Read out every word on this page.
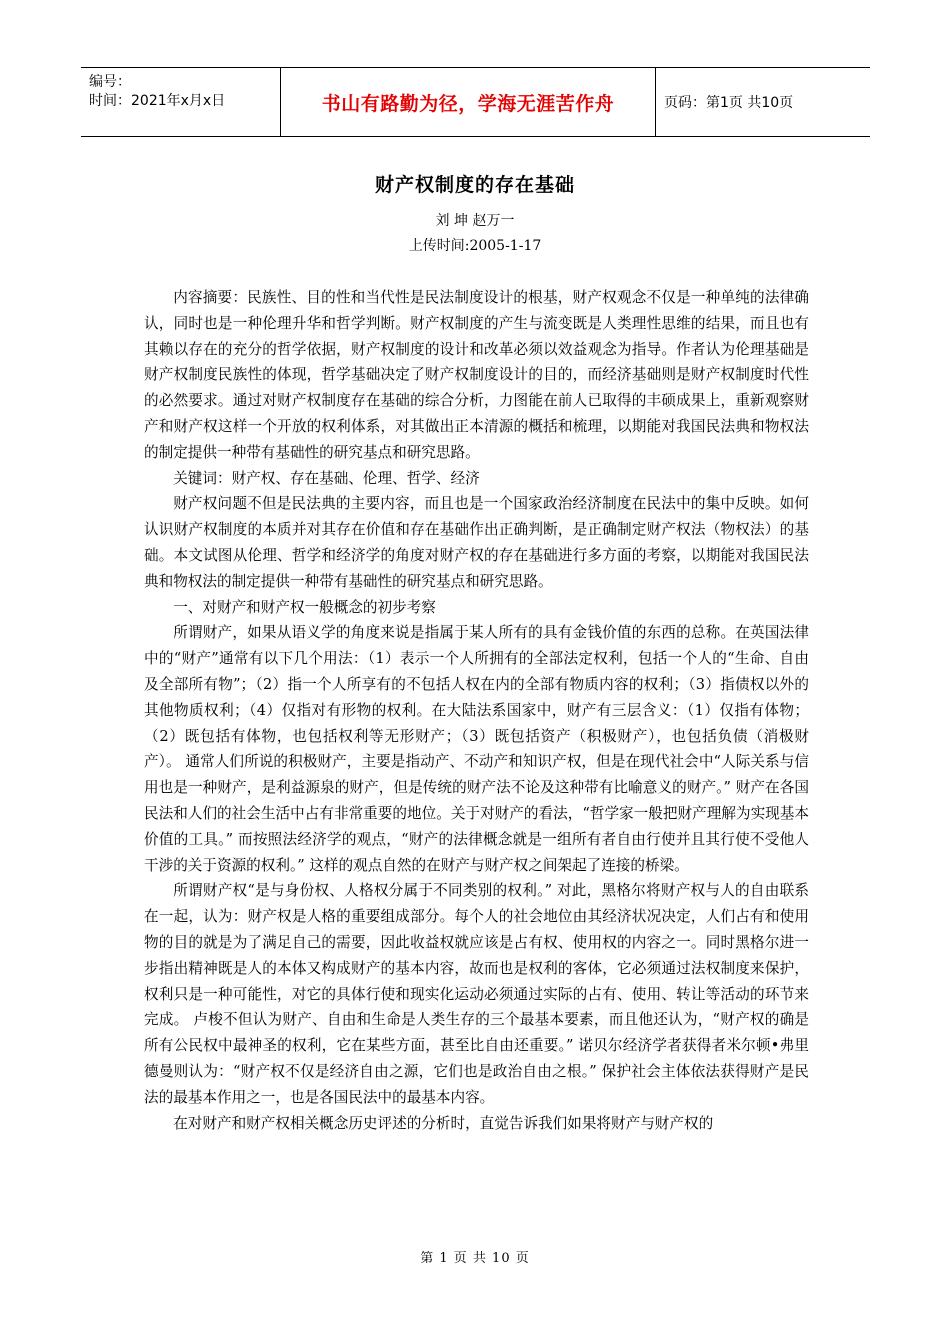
编号：
时间：2021年x月x日	书山有路勤为径，学海无涯苦作舟	页码：第1页 共10页
财产权制度的存在基础
刘 坤 赵万一
上传时间:2005-1-17

内容摘要：民族性、目的性和当代性是民法制度设计的根基，财产权观念不仅是一种单纯的法律确认，同时也是一种伦理升华和哲学判断。财产权制度的产生与流变既是人类理性思维的结果，而且也有其赖以存在的充分的哲学依据，财产权制度的设计和改革必须以效益观念为指导。作者认为伦理基础是财产权制度民族性的体现，哲学基础决定了财产权制度设计的目的，而经济基础则是财产权制度时代性的必然要求。通过对财产权制度存在基础的综合分析，力图能在前人已取得的丰硕成果上，重新观察财产和财产权这样一个开放的权利体系，对其做出正本清源的概括和梳理，以期能对我国民法典和物权法的制定提供一种带有基础性的研究基点和研究思路。

关键词：财产权、存在基础、伦理、哲学、经济

财产权问题不但是民法典的主要内容，而且也是一个国家政治经济制度在民法中的集中反映。如何认识财产权制度的本质并对其存在价值和存在基础作出正确判断，是正确制定财产权法（物权法）的基础。本文试图从伦理、哲学和经济学的角度对财产权的存在基础进行多方面的考察，以期能对我国民法典和物权法的制定提供一种带有基础性的研究基点和研究思路。

一、对财产和财产权一般概念的初步考察

所谓财产，如果从语义学的角度来说是指属于某人所有的具有金钱价值的东西的总称。在英国法律中的“财产”通常有以下几个用法：（1）表示一个人所拥有的全部法定权利，包括一个人的“生命、自由及全部所有物”；（2）指一个人所享有的不包括人权在内的全部有物质内容的权利；（3）指债权以外的其他物质权利；（4）仅指对有形物的权利。在大陆法系国家中，财产有三层含义：（1）仅指有体物；（2）既包括有体物，也包括权利等无形财产；（3）既包括资产（积极财产），也包括负债（消极财产）。 通常人们所说的积极财产，主要是指动产、不动产和知识产权，但是在现代社会中“人际关系与信用也是一种财产，是利益源泉的财产，但是传统的财产法不论及这种带有比喻意义的财产。” 财产在各国民法和人们的社会生活中占有非常重要的地位。关于对财产的看法，“哲学家一般把财产理解为实现基本价值的工具。” 而按照法经济学的观点，“财产的法律概念就是一组所有者自由行使并且其行使不受他人干涉的关于资源的权利。” 这样的观点自然的在财产与财产权之间架起了连接的桥梁。

所谓财产权“是与身份权、人格权分属于不同类别的权利。” 对此，黑格尔将财产权与人的自由联系在一起，认为：财产权是人格的重要组成部分。每个人的社会地位由其经济状况决定，人们占有和使用物的目的就是为了满足自己的需要，因此收益权就应该是占有权、使用权的内容之一。同时黑格尔进一步指出精神既是人的本体又构成财产的基本内容，故而也是权利的客体，它必须通过法权制度来保护，权利只是一种可能性，对它的具体行使和现实化运动必须通过实际的占有、使用、转让等活动的环节来完成。 卢梭不但认为财产、自由和生命是人类生存的三个最基本要素，而且他还认为，“财产权的确是所有公民权中最神圣的权利，它在某些方面，甚至比自由还重要。” 诺贝尔经济学者获得者米尔顿•弗里德曼则认为：“财产权不仅是经济自由之源，它们也是政治自由之根。” 保护社会主体依法获得财产是民法的最基本作用之一，也是各国民法中的最基本内容。

在对财产和财产权相关概念历史评述的分析时，直觉告诉我们如果将财产与财产权的

第 1 页 共 10 页
